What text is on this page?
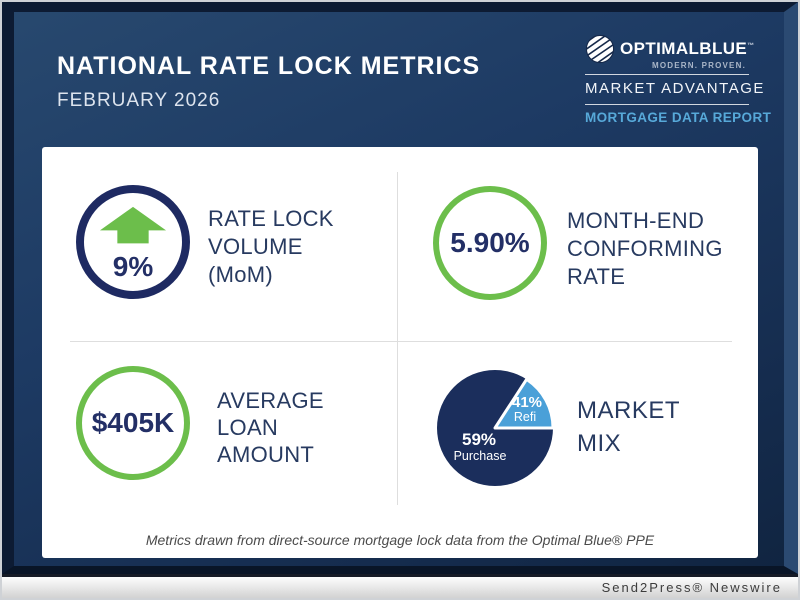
NATIONAL RATE LOCK METRICS
FEBRUARY 2026
OPTIMALBLUE™
MODERN. PROVEN.
MARKET ADVANTAGE
MORTGAGE DATA REPORT
9%
RATE LOCK
VOLUME
(MoM)
5.90%
MONTH-END
CONFORMING
RATE
$405K
AVERAGE
LOAN
AMOUNT
41%
Refi
59%
Purchase
MARKET
MIX
Metrics drawn from direct-source mortgage lock data from the Optimal Blue® PPE
Send2Press® Newswire
